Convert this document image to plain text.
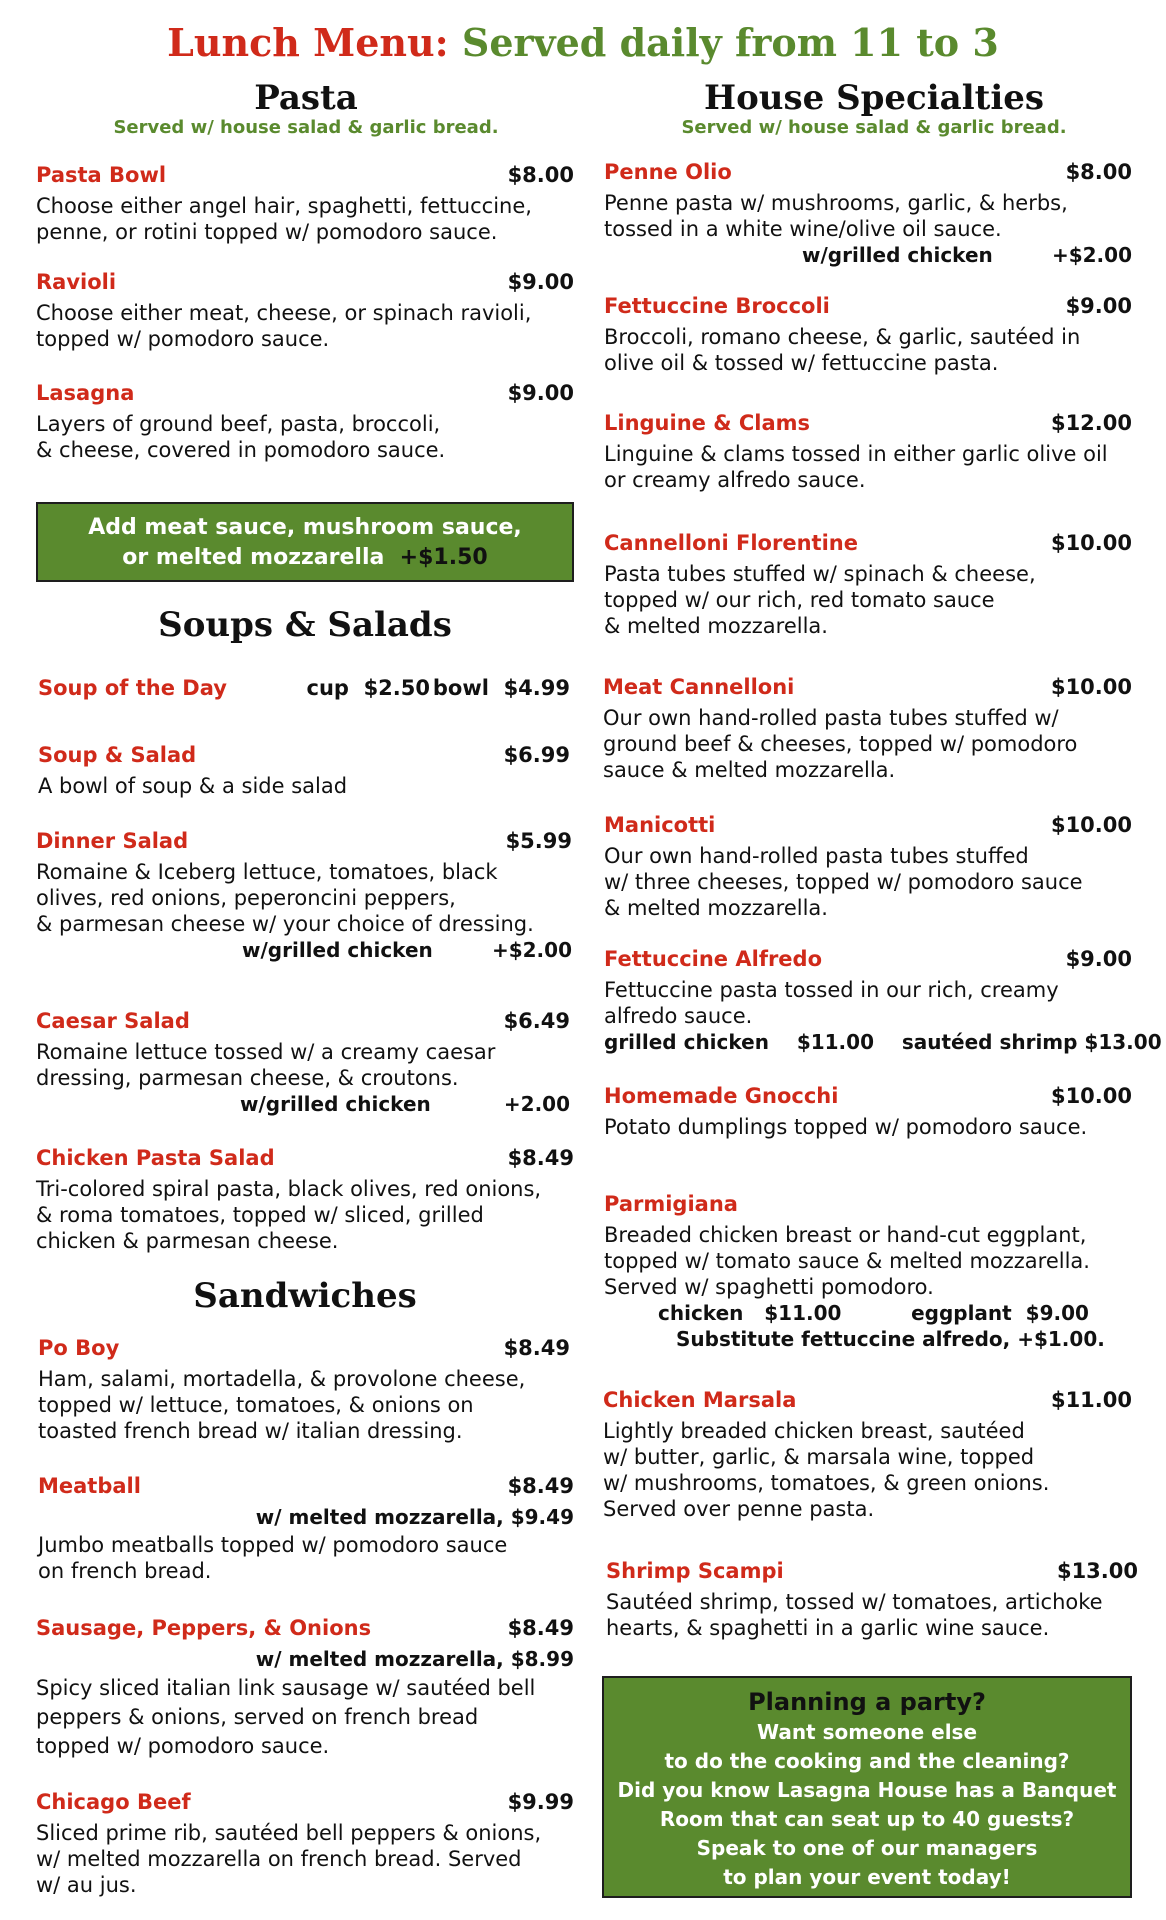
Lunch Menu: Served daily from 11 to 3
Pasta
Served w/ house salad & garlic bread.
Pasta Bowl	$8.00
Choose either angel hair, spaghetti, fettuccine,
penne, or rotini topped w/ pomodoro sauce.
Ravioli	$9.00
Choose either meat, cheese, or spinach ravioli,
topped w/ pomodoro sauce.
Lasagna	$9.00
Layers of ground beef, pasta, broccoli,
& cheese, covered in pomodoro sauce.
Add meat sauce, mushroom sauce,
or melted mozzarella +$1.50
Soups & Salads
Soup of the Day	cup  $2.50 bowl  $4.99
Soup & Salad	$6.99
A bowl of soup & a side salad
Dinner Salad	$5.99
Romaine & Iceberg lettuce, tomatoes, black
olives, red onions, peperoncini peppers,
& parmesan cheese w/ your choice of dressing.
w/grilled chicken	+$2.00
Caesar Salad	$6.49
Romaine lettuce tossed w/ a creamy caesar
dressing, parmesan cheese, & croutons.
w/grilled chicken	+2.00
Chicken Pasta Salad	$8.49
Tri-colored spiral pasta, black olives, red onions,
& roma tomatoes, topped w/ sliced, grilled
chicken & parmesan cheese.
Sandwiches
Po Boy	$8.49
Ham, salami, mortadella, & provolone cheese,
topped w/ lettuce, tomatoes, & onions on
toasted french bread w/ italian dressing.
Meatball	$8.49
w/ melted mozzarella, $9.49
Jumbo meatballs topped w/ pomodoro sauce
on french bread.
Sausage, Peppers, & Onions	$8.49
w/ melted mozzarella, $8.99
Spicy sliced italian link sausage w/ sautéed bell
peppers & onions, served on french bread
topped w/ pomodoro sauce.
Chicago Beef	$9.99
Sliced prime rib, sautéed bell peppers & onions,
w/ melted mozzarella on french bread. Served
w/ au jus.
House Specialties
Served w/ house salad & garlic bread.
Penne Olio	$8.00
Penne pasta w/ mushrooms, garlic, & herbs,
tossed in a white wine/olive oil sauce.
w/grilled chicken	+$2.00
Fettuccine Broccoli	$9.00
Broccoli, romano cheese, & garlic, sautéed in
olive oil & tossed w/ fettuccine pasta.
Linguine & Clams	$12.00
Linguine & clams tossed in either garlic olive oil
or creamy alfredo sauce.
Cannelloni Florentine	$10.00
Pasta tubes stuffed w/ spinach & cheese,
topped w/ our rich, red tomato sauce
& melted mozzarella.
Meat Cannelloni	$10.00
Our own hand-rolled pasta tubes stuffed w/
ground beef & cheeses, topped w/ pomodoro
sauce & melted mozzarella.
Manicotti	$10.00
Our own hand-rolled pasta tubes stuffed
w/ three cheeses, topped w/ pomodoro sauce
& melted mozzarella.
Fettuccine Alfredo	$9.00
Fettuccine pasta tossed in our rich, creamy
alfredo sauce.
grilled chicken    $11.00    sautéed shrimp $13.00
Homemade Gnocchi	$10.00
Potato dumplings topped w/ pomodoro sauce.
Parmigiana
Breaded chicken breast or hand-cut eggplant,
topped w/ tomato sauce & melted mozzarella.
Served w/ spaghetti pomodoro.
chicken   $11.00          eggplant  $9.00
Substitute fettuccine alfredo, +$1.00.
Chicken Marsala	$11.00
Lightly breaded chicken breast, sautéed
w/ butter, garlic, & marsala wine, topped
w/ mushrooms, tomatoes, & green onions.
Served over penne pasta.
Shrimp Scampi	$13.00
Sautéed shrimp, tossed w/ tomatoes, artichoke
hearts, & spaghetti in a garlic wine sauce.
Planning a party?
Want someone else
to do the cooking and the cleaning?
Did you know Lasagna House has a Banquet
Room that can seat up to 40 guests?
Speak to one of our managers
to plan your event today!
